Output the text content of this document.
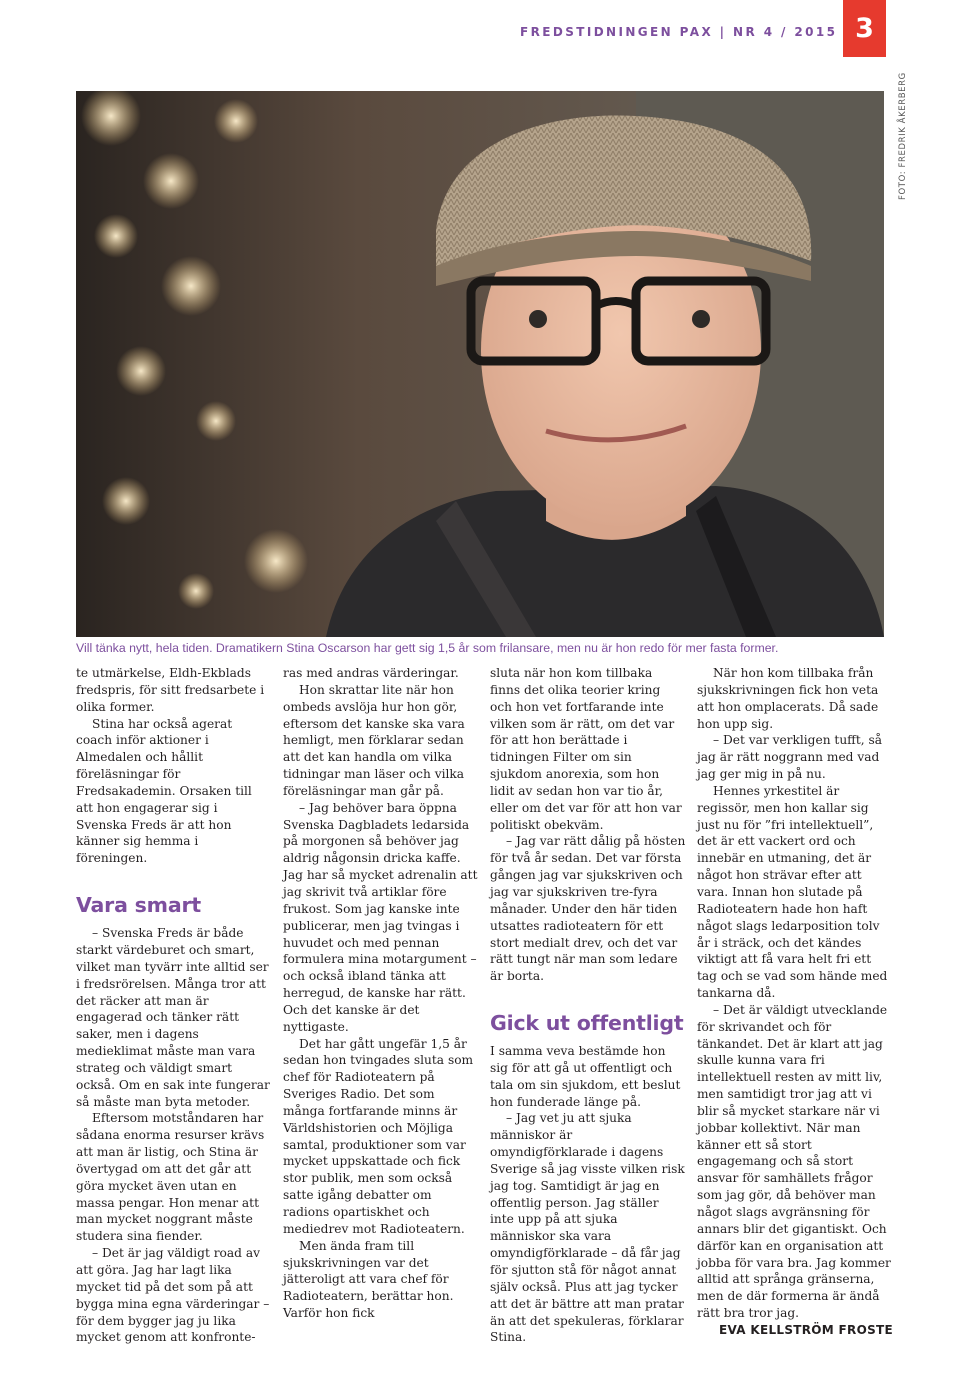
FREDSTIDNINGEN PAX | NR 4 / 2015 3
FOTO: FREDRIK ÅKERBERG
Vill tänka nytt, hela tiden. Dramatikern Stina Oscarson har gett sig 1,5 år som frilansare, men nu är hon redo för mer fasta former.

te utmärkelse, Eldh-Ekblads fredspris, för sitt fredsarbete i olika former.

Stina har också agerat coach inför aktioner i Almedalen och hållit föreläsningar för Fredsakademin. Orsaken till att hon engagerar sig i Svenska Freds är att hon känner sig hemma i föreningen.

Vara smart

– Svenska Freds är både starkt värdeburet och smart, vilket man tyvärr inte alltid ser i fredsrörelsen. Många tror att det räcker att man är engagerad och tänker rätt saker, men i dagens medieklimat måste man vara strateg och väldigt smart också. Om en sak inte fungerar så måste man byta metoder.

Eftersom motståndaren har sådana enorma resurser krävs att man är listig, och Stina är övertygad om att det går att göra mycket även utan en massa pengar. Hon menar att man mycket noggrant måste studera sina fiender.

– Det är jag väldigt road av att göra. Jag har lagt lika mycket tid på det som på att bygga mina egna värderingar – för dem bygger jag ju lika mycket genom att konfronte-

ras med andras värderingar.

Hon skrattar lite när hon ombeds avslöja hur hon gör, eftersom det kanske ska vara hemligt, men förklarar sedan att det kan handla om vilka tidningar man läser och vilka föreläsningar man går på.

– Jag behöver bara öppna Svenska Dagbladets ledarsida på morgonen så behöver jag aldrig någonsin dricka kaffe. Jag har så mycket adrenalin att jag skrivit två artiklar före frukost. Som jag kanske inte publicerar, men jag tvingas i huvudet och med pennan formulera mina motargument – och också ibland tänka att herregud, de kanske har rätt. Och det kanske är det nyttigaste.

Det har gått ungefär 1,5 år sedan hon tvingades sluta som chef för Radioteatern på Sveriges Radio. Det som många fortfarande minns är Världshistorien och Möjliga samtal, produktioner som var mycket uppskattade och fick stor publik, men som också satte igång debatter om radions opartiskhet och mediedrev mot Radioteatern.

Men ända fram till sjukskrivningen var det jätteroligt att vara chef för Radioteatern, berättar hon. Varför hon fick

sluta när hon kom tillbaka finns det olika teorier kring och hon vet fortfarande inte vilken som är rätt, om det var för att hon berättade i tidningen Filter om sin sjukdom anorexia, som hon lidit av sedan hon var tio år, eller om det var för att hon var politiskt obekväm.

– Jag var rätt dålig på hösten för två år sedan. Det var första gången jag var sjukskriven och jag var sjukskriven tre-fyra månader. Under den här tiden utsattes radioteatern för ett stort medialt drev, och det var rätt tungt när man som ledare är borta.

Gick ut offentligt

I samma veva bestämde hon sig för att gå ut offentligt och tala om sin sjukdom, ett beslut hon funderade länge på.

– Jag vet ju att sjuka människor är omyndigförklarade i dagens Sverige så jag visste vilken risk jag tog. Samtidigt är jag en offentlig person. Jag ställer inte upp på att sjuka människor ska vara omyndigförklarade – då får jag för sjutton stå för något annat själv också. Plus att jag tycker att det är bättre att man pratar än att det spekuleras, förklarar Stina.

När hon kom tillbaka från sjukskrivningen fick hon veta att hon omplacerats. Då sade hon upp sig.

– Det var verkligen tufft, så jag är rätt noggrann med vad jag ger mig in på nu.

Hennes yrkestitel är regissör, men hon kallar sig just nu för ”fri intellektuell”, det är ett vackert ord och innebär en utmaning, det är något hon strävar efter att vara. Innan hon slutade på Radioteatern hade hon haft något slags ledarposition tolv år i sträck, och det kändes viktigt att få vara helt fri ett tag och se vad som hände med tankarna då.

– Det är väldigt utvecklande för skrivandet och för tänkandet. Det är klart att jag skulle kunna vara fri intellektuell resten av mitt liv, men samtidigt tror jag att vi blir så mycket starkare när vi jobbar kollektivt. När man känner ett så stort engagemang och så stort ansvar för samhällets frågor som jag gör, då behöver man något slags avgränsning för annars blir det gigantiskt. Och därför kan en organisation att jobba för vara bra. Jag kommer alltid att språnga gränserna, men de där formerna är ändå rätt bra tror jag.

EVA KELLSTRÖM FROSTE
